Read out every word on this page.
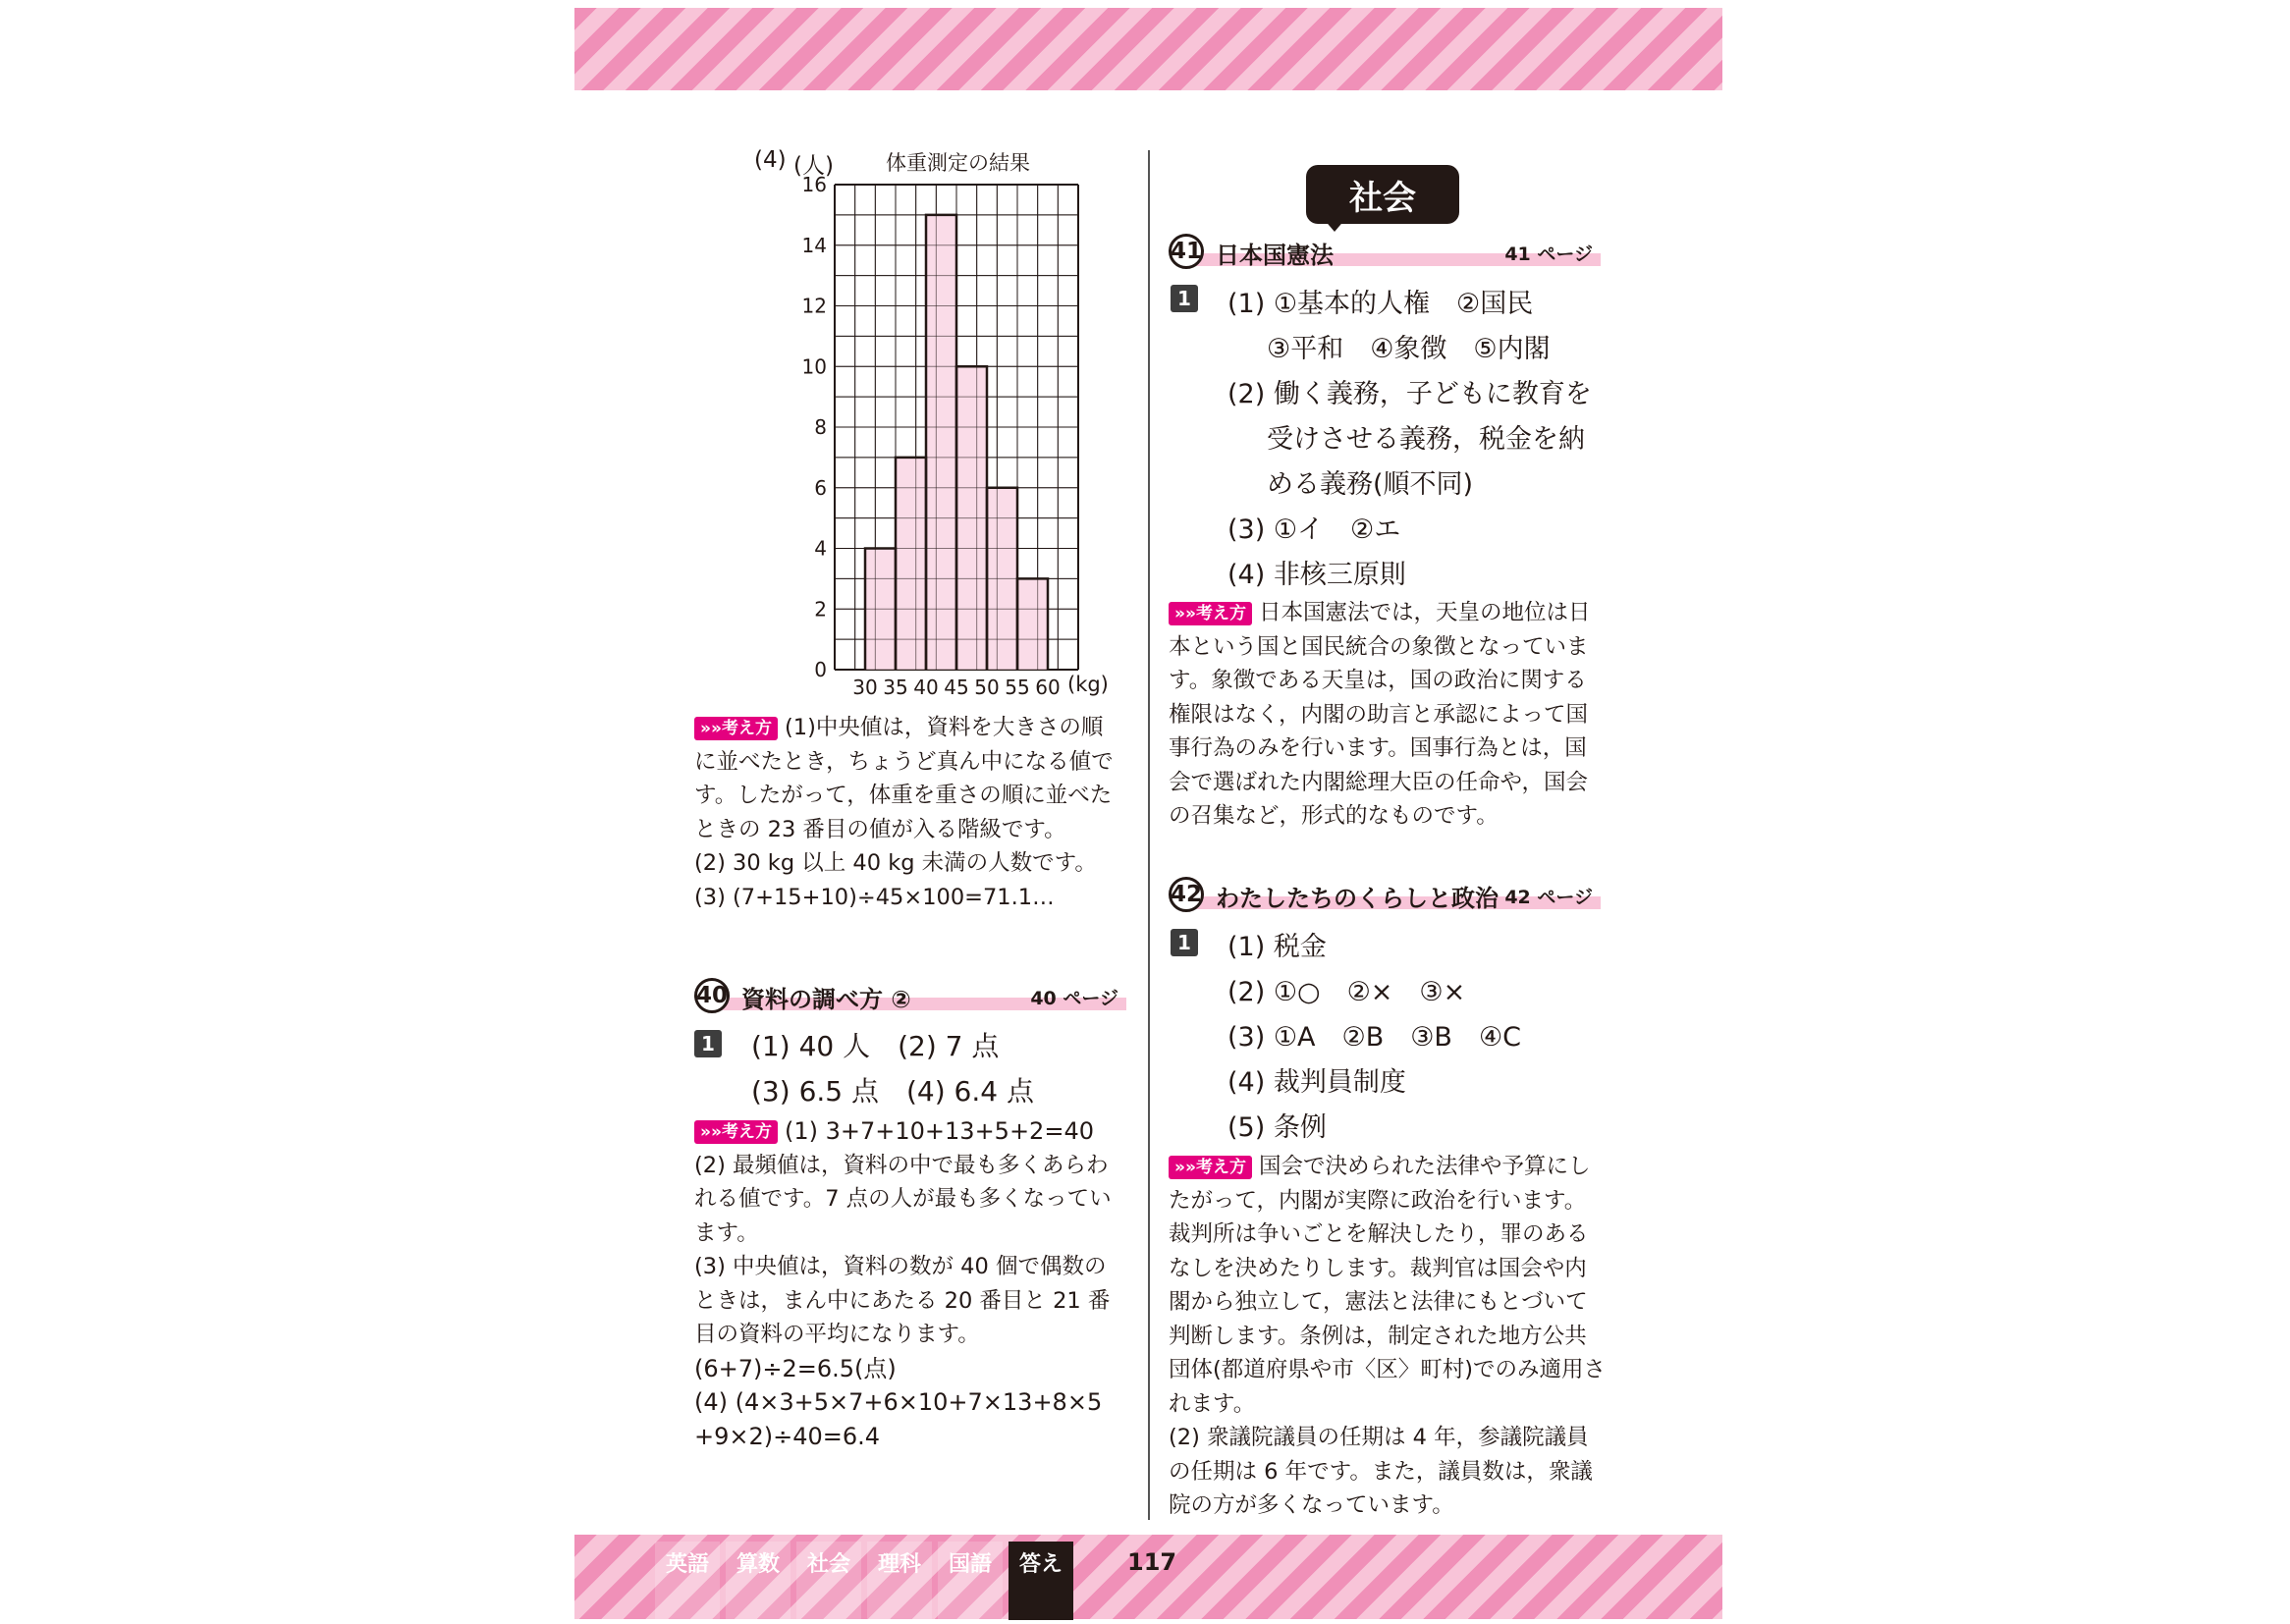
(4) (人)	体重測定の結果
16
14
12
10
8
6
4
2
0
30 35 40 45 50 55 60 (kg)
»»考え方 (1)中央値は，資料を大きさの順
に並べたとき，ちょうど真ん中になる値で
す。したがって，体重を重さの順に並べた
ときの 23 番目の値が入る階級です。
(2) 30 kg 以上 40 kg 未満の人数です。
(3) (7+15+10)÷45×100=71.1…
40 資料の調べ方 ②	40 ページ
1 (1) 40 人　(2) 7 点
(3) 6.5 点　(4) 6.4 点
»»考え方 (1) 3+7+10+13+5+2=40
(2) 最頻値は，資料の中で最も多くあらわ
れる値です。7 点の人が最も多くなってい
ます。
(3) 中央値は，資料の数が 40 個で偶数の
ときは，まん中にあたる 20 番目と 21 番
目の資料の平均になります。
(6+7)÷2=6.5(点)
(4) (4×3+5×7+6×10+7×13+8×5
+9×2)÷40=6.4
社会
41 日本国憲法	41 ページ
1 (1) ①基本的人権　②国民
③平和　④象徴　⑤内閣
(2) 働く義務，子どもに教育を
受けさせる義務，税金を納
める義務(順不同)
(3) ①イ　②エ
(4) 非核三原則
»»考え方 日本国憲法では，天皇の地位は日
本という国と国民統合の象徴となっていま
す。象徴である天皇は，国の政治に関する
権限はなく，内閣の助言と承認によって国
事行為のみを行います。国事行為とは，国
会で選ばれた内閣総理大臣の任命や，国会
の召集など，形式的なものです。
42 わたしたちのくらしと政治 42 ページ
1 (1) 税金
(2) ①○　②×　③×
(3) ①A　②B　③B　④C
(4) 裁判員制度
(5) 条例
»»考え方 国会で決められた法律や予算にし
たがって，内閣が実際に政治を行います。
裁判所は争いごとを解決したり，罪のある
なしを決めたりします。裁判官は国会や内
閣から独立して，憲法と法律にもとづいて
判断します。条例は，制定された地方公共
団体(都道府県や市〈区〉町村)でのみ適用さ
れます。
(2) 衆議院議員の任期は 4 年，参議院議員
の任期は 6 年です。また，議員数は，衆議
院の方が多くなっています。
英語	算数	社会	理科	国語	答え	117
